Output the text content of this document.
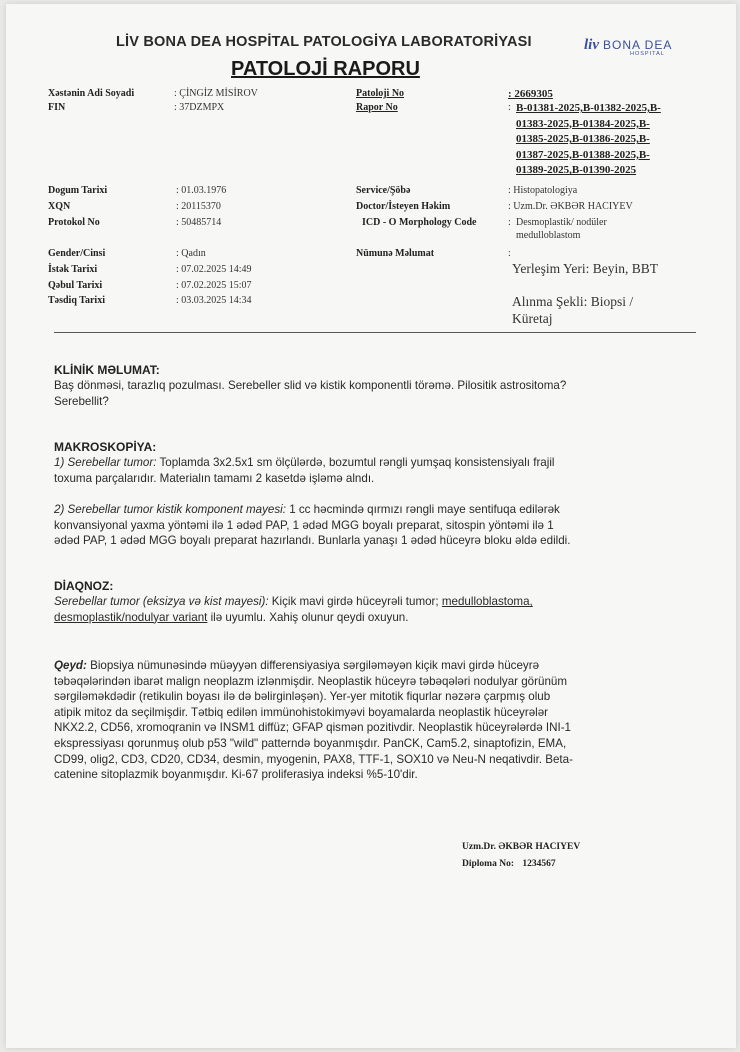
LİV BONA DEA HOSPİTAL PATOLOGİYA LABORATORİYASI
PATOLOJİ RAPORU
liv BONA DEA
HOSPITAL
Xəstənin Adi Soyadi	: ÇİNGİZ MİSİROV
FIN	: 37DZMPX
Patoloji No	: 2669305
Rapor No	: B-01381-2025,B-01382-2025,B-
01383-2025,B-01384-2025,B-
01385-2025,B-01386-2025,B-
01387-2025,B-01388-2025,B-
01389-2025,B-01390-2025
Dogum Tarixi	: 01.03.1976
XQN	: 20115370
Protokol No	: 50485714
Service/Şöbə	: Histopatologiya
Doctor/İsteyen Həkim	: Uzm.Dr. ƏKBƏR HACIYEV
ICD - O Morphology Code	: Desmoplastik/ nodüler
medulloblastom
Gender/Cinsi	: Qadın
İstək Tarixi	: 07.02.2025 14:49
Qəbul Tarixi	: 07.02.2025 15:07
Təsdiq Tarixi	: 03.03.2025 14:34
Nümunə Məlumat	:
Yerleşim Yeri: Beyin, BBT
Alınma Şekli: Biopsi /
Küretaj
KLİNİK MƏLUMAT:
Baş dönməsi, tarazlıq pozulması. Serebeller slid və kistik komponentli törəmə. Pilositik astrositoma?
Serebellit?
MAKROSKOPİYA:
1) Serebellar tumor: Toplamda 3x2.5x1 sm ölçülərdə, bozumtul rəngli yumşaq konsistensiyalı frajil
toxuma parçalarıdır. Materialın tamamı 2 kasetdə işləmə alndı.
2) Serebellar tumor kistik komponent mayesi: 1 cc həcmində qırmızı rəngli maye sentifuqa edilərək
konvansiyonal yaxma yöntəmi ilə 1 ədəd PAP, 1 ədəd MGG boyalı preparat, sitospin yöntəmi ilə 1
ədəd PAP, 1 ədəd MGG boyalı preparat hazırlandı. Bunlarla yanaşı 1 ədəd hüceyrə bloku əldə edildi.
DİAQNOZ:
Serebellar tumor (eksizya və kist mayesi): Kiçik mavi girdə hüceyrəli tumor; medulloblastoma,
desmoplastik/nodulyar variant ilə uyumlu. Xahiş olunur qeydi oxuyun.
Qeyd: Biopsiya nümunəsində müəyyən differensiyasiya sərgiləməyən kiçik mavi girdə hüceyrə
təbəqələrindən ibarət malign neoplazm izlənmişdir. Neoplastik hüceyrə təbəqələri nodulyar görünüm
sərgiləməkdədir (retikulin boyası ilə də bəlirginləşən). Yer-yer mitotik fiqurlar nəzərə çarpmış olub
atipik mitoz da seçilmişdir. Tətbiq edilən immünohistokimyəvi boyamalarda neoplastik hüceyrələr
NKX2.2, CD56, xromoqranin və INSM1 diffüz; GFAP qismən pozitivdir. Neoplastik hüceyrələrdə INI-1
ekspressiyası qorunmuş olub p53 "wild" patterndə boyanmışdır. PanCK, Cam5.2, sinaptofizin, EMA,
CD99, olig2, CD3, CD20, CD34, desmin, myogenin, PAX8, TTF-1, SOX10 və Neu-N neqativdir. Beta-
catenine sitoplazmik boyanmışdır. Ki-67 proliferasiya indeksi %5-10'dir.
Uzm.Dr. ƏKBƏR HACIYEV
Diploma No: 1234567
